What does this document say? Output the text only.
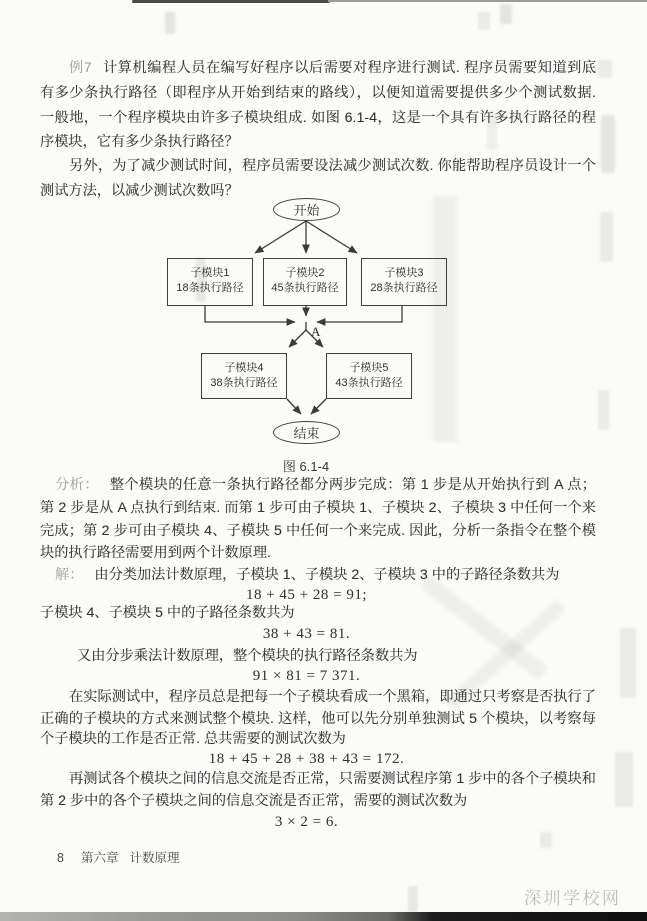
例7 计算机编程人员在编写好程序以后需要对程序进行测试. 程序员需要知道到底
有多少条执行路径（即程序从开始到结束的路线），以便知道需要提供多少个测试数据.
一般地，一个程序模块由许多子模块组成. 如图 6.1-4，这是一个具有许多执行路径的程
序模块，它有多少条执行路径？
另外，为了减少测试时间，程序员需要设法减少测试次数. 你能帮助程序员设计一个
测试方法，以减少测试次数吗？
开始
子模块1
18条执行路径
子模块2
45条执行路径
子模块3
28条执行路径
A
子模块4
38条执行路径
子模块5
43条执行路径
结束
图 6.1-4
分析： 整个模块的任意一条执行路径都分两步完成：第 1 步是从开始执行到 A 点；
第 2 步是从 A 点执行到结束. 而第 1 步可由子模块 1、子模块 2、子模块 3 中任何一个来
完成；第 2 步可由子模块 4、子模块 5 中任何一个来完成. 因此，分析一条指令在整个模
块的执行路径需要用到两个计数原理.
解： 由分类加法计数原理，子模块 1、子模块 2、子模块 3 中的子路径条数共为
18 + 45 + 28 = 91;
子模块 4、子模块 5 中的子路径条数共为
38 + 43 = 81.
又由分步乘法计数原理，整个模块的执行路径条数共为
91 × 81 = 7 371.
在实际测试中，程序员总是把每一个子模块看成一个黑箱，即通过只考察是否执行了
正确的子模块的方式来测试整个模块. 这样，他可以先分别单独测试 5 个模块，以考察每
个子模块的工作是否正常. 总共需要的测试次数为
18 + 45 + 28 + 38 + 43 = 172.
再测试各个模块之间的信息交流是否正常，只需要测试程序第 1 步中的各个子模块和
第 2 步中的各个子模块之间的信息交流是否正常，需要的测试次数为
3 × 2 = 6.
8 第六章 计数原理
深圳学校网
